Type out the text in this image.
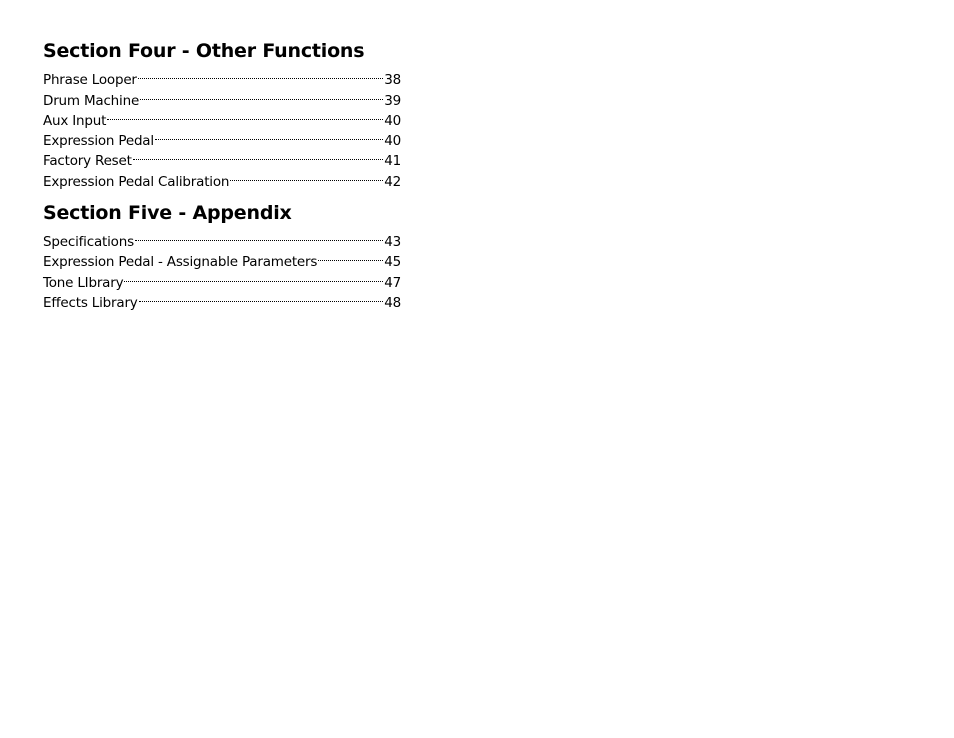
Section Four - Other Functions
Phrase Looper	38
Drum Machine	39
Aux Input	40
Expression Pedal	40
Factory Reset	41
Expression Pedal Calibration	42
Section Five - Appendix
Specifications	43
Expression Pedal - Assignable Parameters	45
Tone LIbrary	47
Effects Library	48
